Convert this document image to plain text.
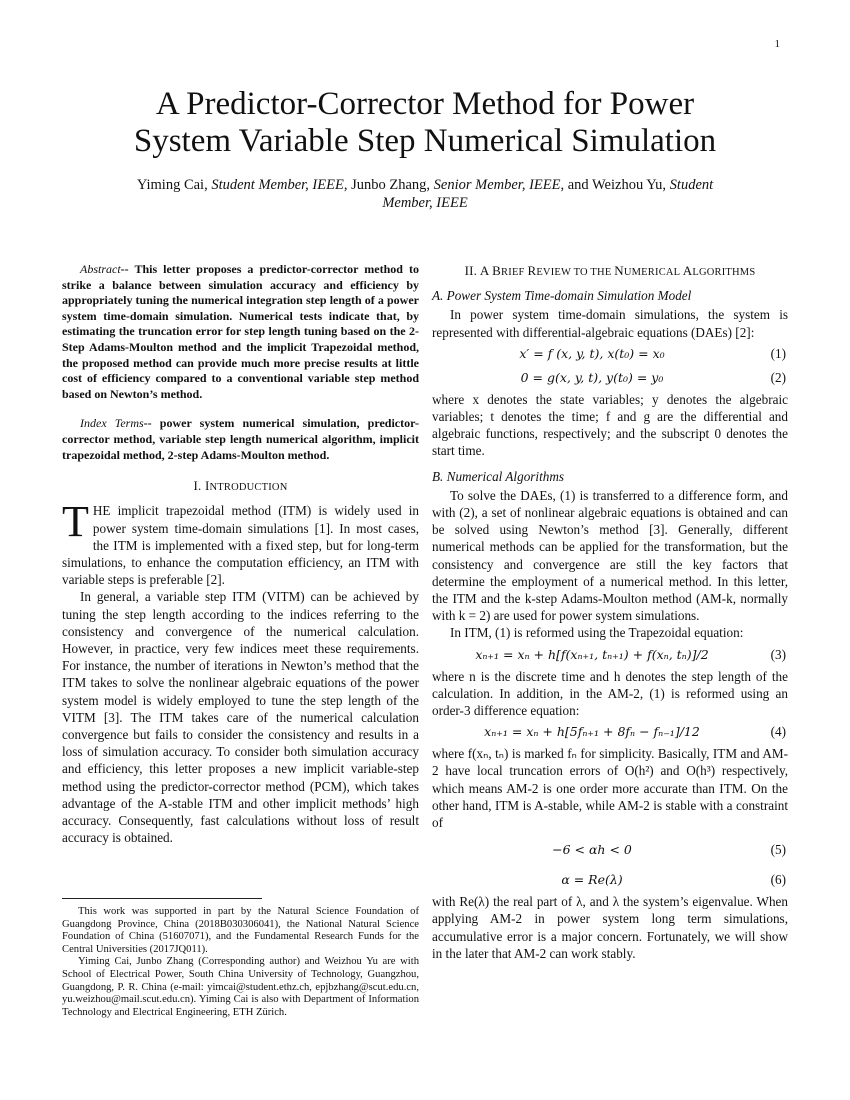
1
A Predictor-Corrector Method for Power
System Variable Step Numerical Simulation
Yiming Cai, Student Member, IEEE, Junbo Zhang, Senior Member, IEEE, and Weizhou Yu, Student Member, IEEE

Abstract-- This letter proposes a predictor-corrector method to strike a balance between simulation accuracy and efficiency by appropriately tuning the numerical integration step length of a power system time-domain simulation. Numerical tests indicate that, by estimating the truncation error for step length tuning based on the 2-Step Adams-Moulton method and the implicit Trapezoidal method, the proposed method can provide much more precise results at little cost of efficiency compared to a conventional variable step method based on Newton’s method.

Index Terms-- power system numerical simulation, predictor-corrector method, variable step length numerical algorithm, implicit trapezoidal method, 2-step Adams-Moulton method.

I. INTRODUCTION

THE implicit trapezoidal method (ITM) is widely used in power system time-domain simulations [1]. In most cases, the ITM is implemented with a fixed step, but for long-term simulations, to enhance the computation efficiency, an ITM with variable steps is preferable [2].

In general, a variable step ITM (VITM) can be achieved by tuning the step length according to the indices referring to the consistency and convergence of the numerical calculation. However, in practice, very few indices meet these requirements. For instance, the number of iterations in Newton’s method that the ITM takes to solve the nonlinear algebraic equations of the power system model is widely employed to tune the step length of the VITM [3]. The ITM takes care of the numerical calculation convergence but fails to consider the consistency and results in a loss of simulation accuracy. To consider both simulation accuracy and efficiency, this letter proposes a new implicit variable-step method using the predictor-corrector method (PCM), which takes advantage of the A-stable ITM and other implicit methods’ high accuracy. Consequently, fast calculations without loss of result accuracy is obtained.

This work was supported in part by the Natural Science Foundation of Guangdong Province, China (2018B030306041), the National Natural Science Foundation of China (51607071), and the Fundamental Research Funds for the Central Universities (2017JQ011).

Yiming Cai, Junbo Zhang (Corresponding author) and Weizhou Yu are with School of Electrical Power, South China University of Technology, Guangzhou, Guangdong, P. R. China (e-mail: yimcai@student.ethz.ch, epjbzhang@scut.edu.cn, yu.weizhou@mail.scut.edu.cn). Yiming Cai is also with Department of Information Technology and Electrical Engineering, ETH Zürich.

II. A BRIEF REVIEW TO THE NUMERICAL ALGORITHMS
A. Power System Time-domain Simulation Model

In power system time-domain simulations, the system is represented with differential-algebraic equations (DAEs) [2]:

x′ = f (x, y, t), x(t₀) = x₀	(1)
0 = g(x, y, t), y(t₀) = y₀	(2)

where x denotes the state variables; y denotes the algebraic variables; t denotes the time; f and g are the differential and algebraic functions, respectively; and the subscript 0 denotes the start time.

B. Numerical Algorithms

To solve the DAEs, (1) is transferred to a difference form, and with (2), a set of nonlinear algebraic equations is obtained and can be solved using Newton’s method [3]. Generally, different numerical methods can be applied for the transformation, but the consistency and convergence are still the key factors that determine the employment of a numerical method. In this letter, the ITM and the k-step Adams-Moulton method (AM-k, normally with k = 2) are used for power system simulations.

In ITM, (1) is reformed using the Trapezoidal equation:

xₙ₊₁ = xₙ + h[f(xₙ₊₁, tₙ₊₁) + f(xₙ, tₙ)]/2	(3)

where n is the discrete time and h denotes the step length of the calculation. In addition, in the AM-2, (1) is reformed using an order-3 difference equation:

xₙ₊₁ = xₙ + h[5fₙ₊₁ + 8fₙ − fₙ₋₁]/12	(4)

where f(xₙ, tₙ) is marked fₙ for simplicity. Basically, ITM and AM-2 have local truncation errors of O(h²) and O(h³) respectively, which means AM-2 is one order more accurate than ITM. On the other hand, ITM is A-stable, while AM-2 is stable with a constraint of

−6 < αh < 0	(5)
α = Re(λ)	(6)

with Re(λ) the real part of λ, and λ the system’s eigenvalue. When applying AM-2 in power system long term simulations, accumulative error is a major concern. Fortunately, we will show in the later that AM-2 can work stably.
